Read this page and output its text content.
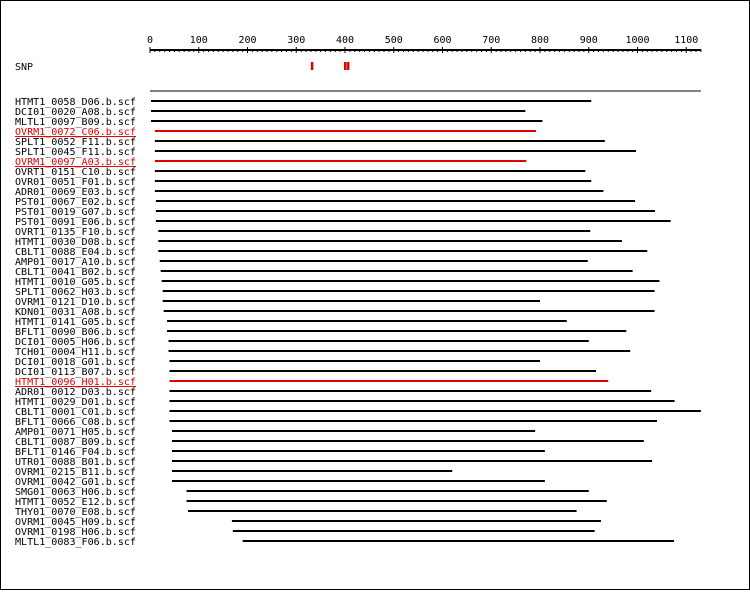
0	100	200	300	400	500	600	700	800	900	1000 1100
SNP
HTMT1_0058_D06.b.scf
DCI01_0020_A08.b.scf
MLTL1_0097_B09.b.scf
OVRM1_0072_C06.b.scf
SPLT1_0052_F11.b.scf
SPLT1_0045_F11.b.scf
OVRM1_0097_A03.b.scf
OVRT1_0151_C10.b.scf
OVR01_0051_F01.b.scf
ADR01_0069_E03.b.scf
PST01_0067_E02.b.scf
PST01_0019_G07.b.scf
PST01_0091_E06.b.scf
OVRT1_0135_F10.b.scf
HTMT1_0030_D08.b.scf
CBLT1_0088_E04.b.scf
AMP01_0017_A10.b.scf
CBLT1_0041_B02.b.scf
HTMT1_0010_G05.b.scf
SPLT1_0062_H03.b.scf
OVRM1_0121_D10.b.scf
KDN01_0031_A08.b.scf
HTMT1_0141_G05.b.scf
BFLT1_0090_B06.b.scf
DCI01_0005_H06.b.scf
TCH01_0004_H11.b.scf
DCI01_0018_G01.b.scf
DCI01_0113_B07.b.scf
HTMT1_0096_H01.b.scf
ADR01_0012_D03.b.scf
HTMT1_0029_D01.b.scf
CBLT1_0001_C01.b.scf
BFLT1_0066_C08.b.scf
AMP01_0071_H05.b.scf
CBLT1_0087_B09.b.scf
BFLT1_0146_F04.b.scf
UTR01_0088_B01.b.scf
OVRM1_0215_B11.b.scf
OVRM1_0042_G01.b.scf
SMG01_0063_H06.b.scf
HTMT1_0052_E12.b.scf
THY01_0070_E08.b.scf
OVRM1_0045_H09.b.scf
OVRM1_0198_H06.b.scf
MLTL1_0083_F06.b.scf
